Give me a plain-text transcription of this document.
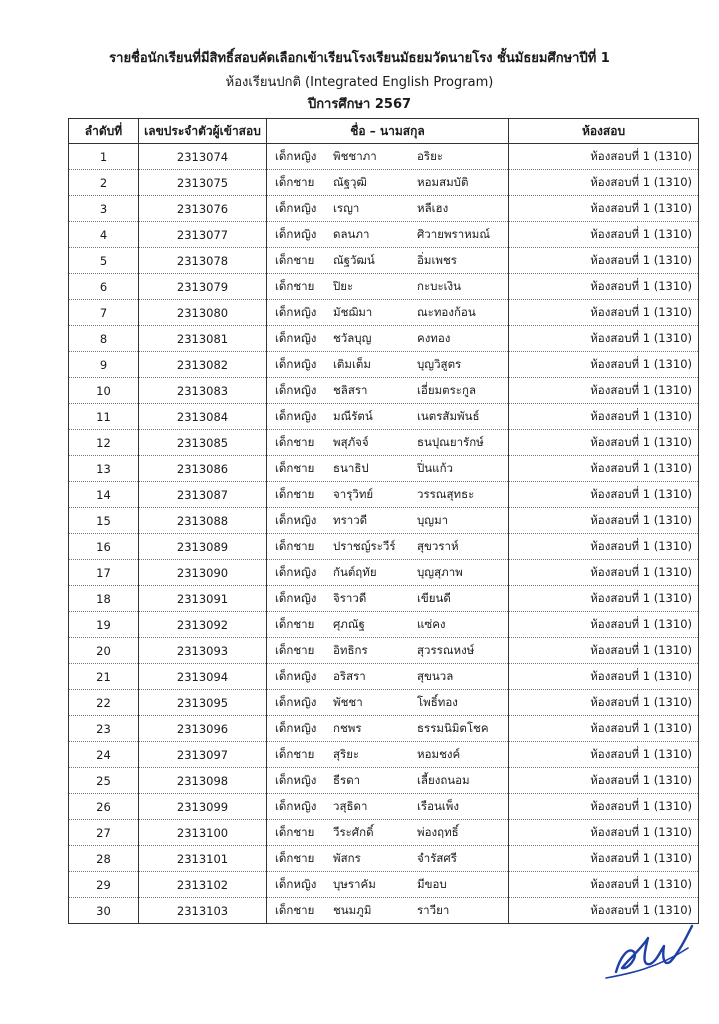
รายชื่อนักเรียนที่มีสิทธิ์สอบคัดเลือกเข้าเรียนโรงเรียนมัธยมวัดนายโรง ชั้นมัธยมศึกษาปีที่ 1
ห้องเรียนปกติ (Integrated English Program)
ปีการศึกษา 2567
ลำดับที่	เลขประจำตัวผู้เข้าสอบ	ชื่อ – นามสกุล	ห้องสอบ
1	2313074	เด็กหญิง พิชชาภา อริยะ	ห้องสอบที่ 1 (1310)
2	2313075	เด็กชาย ณัฐวุฒิ หอมสมบัติ	ห้องสอบที่ 1 (1310)
3	2313076	เด็กหญิง เรญา หลีเฮง	ห้องสอบที่ 1 (1310)
4	2313077	เด็กหญิง ดลนภา ศิวายพราหมณ์	ห้องสอบที่ 1 (1310)
5	2313078	เด็กชาย ณัฐวัฒน์ อิ่มเพชร	ห้องสอบที่ 1 (1310)
6	2313079	เด็กชาย ปิยะ กะบะเงิน	ห้องสอบที่ 1 (1310)
7	2313080	เด็กหญิง มัชฌิมา ณะทองก้อน	ห้องสอบที่ 1 (1310)
8	2313081	เด็กหญิง ชวัลบุญ คงทอง	ห้องสอบที่ 1 (1310)
9	2313082	เด็กหญิง เติมเต็ม บุญวิสูตร	ห้องสอบที่ 1 (1310)
10	2313083	เด็กหญิง ชลิสรา เอี่ยมตระกูล	ห้องสอบที่ 1 (1310)
11	2313084	เด็กหญิง มณีรัตน์ เนตรสัมพันธ์	ห้องสอบที่ 1 (1310)
12	2313085	เด็กชาย พสุภัจจ์ ธนปุณยารักษ์	ห้องสอบที่ 1 (1310)
13	2313086	เด็กชาย ธนาธิป ปิ่นแก้ว	ห้องสอบที่ 1 (1310)
14	2313087	เด็กชาย จารุวิทย์ วรรณสุทธะ	ห้องสอบที่ 1 (1310)
15	2313088	เด็กหญิง ทราวดี บุญมา	ห้องสอบที่ 1 (1310)
16	2313089	เด็กชาย ปราชญ์ระวีร์ สุขวราห์	ห้องสอบที่ 1 (1310)
17	2313090	เด็กหญิง กันต์ฤทัย บุญสุภาพ	ห้องสอบที่ 1 (1310)
18	2313091	เด็กหญิง จิราวดี เขียนดี	ห้องสอบที่ 1 (1310)
19	2313092	เด็กชาย ศุภณัฐ แซ่คง	ห้องสอบที่ 1 (1310)
20	2313093	เด็กชาย อิทธิกร สุวรรณหงษ์	ห้องสอบที่ 1 (1310)
21	2313094	เด็กหญิง อริสรา สุขนวล	ห้องสอบที่ 1 (1310)
22	2313095	เด็กหญิง พัชชา โพธิ์ทอง	ห้องสอบที่ 1 (1310)
23	2313096	เด็กหญิง กชพร ธรรมนิมิตโชค	ห้องสอบที่ 1 (1310)
24	2313097	เด็กชาย สุริยะ หอมชงค์	ห้องสอบที่ 1 (1310)
25	2313098	เด็กหญิง ธีรดา เลี้ยงถนอม	ห้องสอบที่ 1 (1310)
26	2313099	เด็กหญิง วสุธิดา เรือนเพ็ง	ห้องสอบที่ 1 (1310)
27	2313100	เด็กชาย วีระศักดิ์ พ่องฤทธิ์	ห้องสอบที่ 1 (1310)
28	2313101	เด็กชาย พัสกร จำรัสศรี	ห้องสอบที่ 1 (1310)
29	2313102	เด็กหญิง บุษราคัม มีขอบ	ห้องสอบที่ 1 (1310)
30	2313103	เด็กชาย ชนมภูมิ ราวียา	ห้องสอบที่ 1 (1310)
